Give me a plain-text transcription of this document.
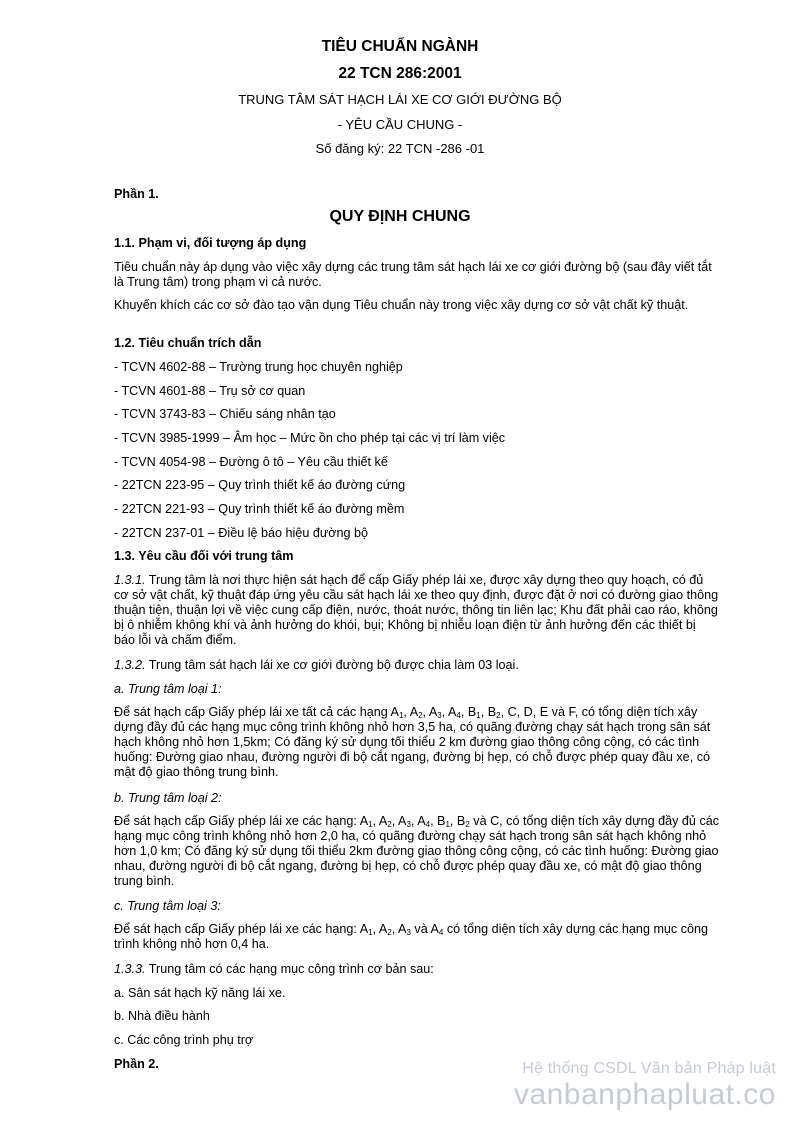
TIÊU CHUẨN NGÀNH
22 TCN 286:2001
TRUNG TÂM SÁT HẠCH LÁI XE CƠ GIỚI ĐƯỜNG BỘ
- YÊU CẦU CHUNG -
Số đăng ký: 22 TCN -286 -01
Phần 1.
QUY ĐỊNH CHUNG
1.1. Phạm vi, đối tượng áp dụng
Tiêu chuẩn này áp dụng vào việc xây dựng các trung tâm sát hạch lái xe cơ giới đường bộ (sau đây viết tắt là Trung tâm) trong phạm vi cả nước.
Khuyến khích các cơ sở đào tạo vận dụng Tiêu chuẩn này trong việc xây dựng cơ sở vật chất kỹ thuật.
1.2. Tiêu chuẩn trích dẫn
- TCVN 4602-88 – Trường trung học chuyên nghiệp
- TCVN 4601-88 – Trụ sở cơ quan
- TCVN 3743-83 – Chiếu sáng nhân tạo
- TCVN 3985-1999 – Âm học – Mức ồn cho phép tại các vị trí làm việc
- TCVN 4054-98 – Đường ô tô – Yêu cầu thiết kế
- 22TCN 223-95 – Quy trình thiết kế áo đường cứng
- 22TCN 221-93 – Quy trình thiết kế áo đường mềm
- 22TCN 237-01 – Điều lệ báo hiệu đường bộ
1.3. Yêu cầu đối với trung tâm
1.3.1. Trung tâm là nơi thực hiện sát hạch để cấp Giấy phép lái xe, được xây dựng theo quy hoạch, có đủ cơ sở vật chất, kỹ thuật đáp ứng yêu cầu sát hạch lái xe theo quy định, được đặt ở nơi có đường giao thông thuận tiện, thuận lợi về việc cung cấp điện, nước, thoát nước, thông tin liên lạc; Khu đất phải cao ráo, không bị ô nhiễm không khí và ảnh hưởng do khói, bụi; Không bị nhiễu loạn điện từ ảnh hưởng đến các thiết bị báo lỗi và chấm điểm.
1.3.2. Trung tâm sát hạch lái xe cơ giới đường bộ được chia làm 03 loại.
a. Trung tâm loại 1:
Để sát hạch cấp Giấy phép lái xe tất cả các hạng $A_1$, $A_2$, $A_3$, $A_4$, $B_1$, $B_2$, C, D, E và F, có tổng diện tích xây dựng đầy đủ các hạng mục công trình không nhỏ hơn 3,5 ha, có quãng đường chạy sát hạch trong sân sát hạch không nhỏ hơn 1,5km; Có đăng ký sử dụng tối thiểu 2 km đường giao thông công cộng, có các tình huống: Đường giao nhau, đường người đi bộ cắt ngang, đường bị hẹp, có chỗ được phép quay đầu xe, có mật độ giao thông trung bình.
b. Trung tâm loại 2:
Để sát hạch cấp Giấy phép lái xe các hạng: $A_1$, $A_2$, $A_3$, $A_4$, $B_1$, $B_2$ và C, có tổng diện tích xây dựng đầy đủ các hạng mục công trình không nhỏ hơn 2,0 ha, có quãng đường chạy sát hạch trong sân sát hạch không nhỏ hơn 1,0 km; Có đăng ký sử dụng tối thiểu 2km đường giao thông công cộng, có các tình huống: Đường giao nhau, đường người đi bộ cắt ngang, đường bị hẹp, có chỗ được phép quay đầu xe, có mật độ giao thông trung bình.
c. Trung tâm loại 3:
Để sát hạch cấp Giấy phép lái xe các hạng: $A_1$, $A_2$, $A_3$ và $A_4$ có tổng diện tích xây dựng các hạng mục công trình không nhỏ hơn 0,4 ha.
1.3.3. Trung tâm có các hạng mục công trình cơ bản sau:
a. Sân sát hạch kỹ năng lái xe.
b. Nhà điều hành
c. Các công trình phụ trợ
Phần 2.	Hệ thống CSDL Văn bản Pháp luật
vanbanphapluat.co
